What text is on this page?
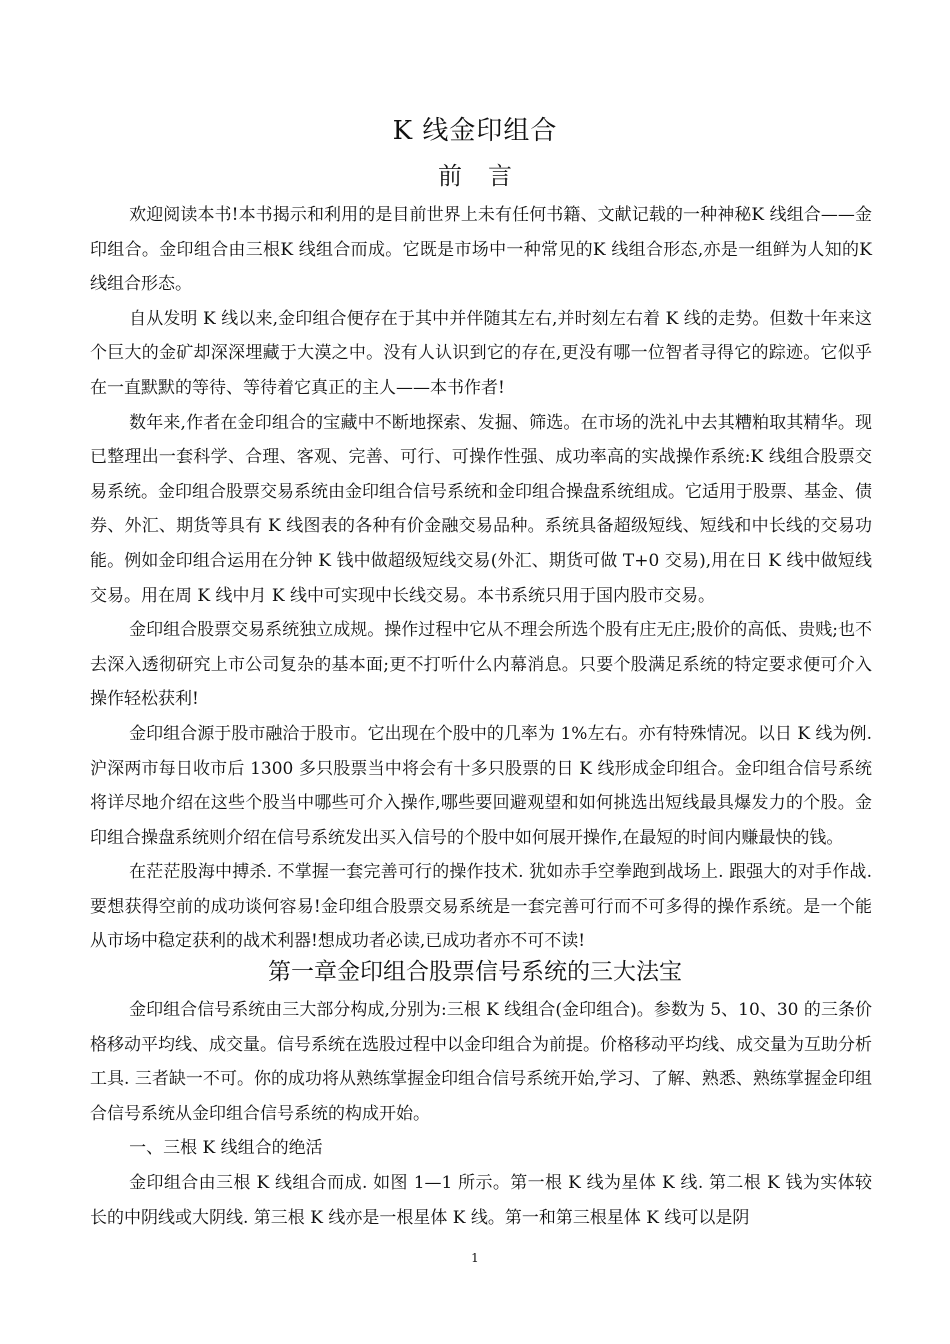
K 线金印组合
前言

欢迎阅读本书!本书揭示和利用的是目前世界上未有任何书籍、文献记载的一种神秘K 线组合——金印组合。金印组合由三根K 线组合而成。它既是市场中一种常见的K 线组合形态,亦是一组鲜为人知的K 线组合形态。

自从发明 K 线以来,金印组合便存在于其中并伴随其左右,并时刻左右着 K 线的走势。但数十年来这个巨大的金矿却深深埋藏于大漠之中。没有人认识到它的存在,更没有哪一位智者寻得它的踪迹。它似乎在一直默默的等待、等待着它真正的主人——本书作者!

数年来,作者在金印组合的宝藏中不断地探索、发掘、筛选。在市场的洗礼中去其糟粕取其精华。现已整理出一套科学、合理、客观、完善、可行、可操作性强、成功率高的实战操作系统:K 线组合股票交易系统。金印组合股票交易系统由金印组合信号系统和金印组合操盘系统组成。它适用于股票、基金、债券、外汇、期货等具有 K 线图表的各种有价金融交易品种。系统具备超级短线、短线和中长线的交易功能。例如金印组合运用在分钟 K 钱中做超级短线交易(外汇、期货可做 T+0 交易),用在日 K 线中做短线交易。用在周 K 线中月 K 线中可实现中长线交易。本书系统只用于国内股市交易。

金印组合股票交易系统独立成规。操作过程中它从不理会所选个股有庄无庄;股价的高低、贵贱;也不去深入透彻研究上市公司复杂的基本面;更不打听什么内幕消息。只要个股满足系统的特定要求便可介入操作轻松获利!

金印组合源于股市融洽于股市。它出现在个股中的几率为 1%左右。亦有特殊情况。以日 K 线为例. 沪深两市每日收市后 1300 多只股票当中将会有十多只股票的日 K 线形成金印组合。金印组合信号系统将详尽地介绍在这些个股当中哪些可介入操作,哪些要回避观望和如何挑选出短线最具爆发力的个股。金印组合操盘系统则介绍在信号系统发出买入信号的个股中如何展开操作,在最短的时间内赚最快的钱。

在茫茫股海中搏杀. 不掌握一套完善可行的操作技术. 犹如赤手空拳跑到战场上. 跟强大的对手作战. 要想获得空前的成功谈何容易!金印组合股票交易系统是一套完善可行而不可多得的操作系统。是一个能从市场中稳定获利的战术利器!想成功者必读,已成功者亦不可不读!

第一章金印组合股票信号系统的三大法宝

金印组合信号系统由三大部分构成,分别为:三根 K 线组合(金印组合)。参数为 5、10、30 的三条价格移动平均线、成交量。信号系统在选股过程中以金印组合为前提。价格移动平均线、成交量为互助分析工具. 三者缺一不可。你的成功将从熟练掌握金印组合信号系统开始,学习、了解、熟悉、熟练掌握金印组合信号系统从金印组合信号系统的构成开始。

一、三根 K 线组合的绝活

金印组合由三根 K 线组合而成. 如图 1—1 所示。第一根 K 线为星体 K 线. 第二根 K 钱为实体较长的中阴线或大阴线. 第三根 K 线亦是一根星体 K 线。第一和第三根星体 K 线可以是阴

1
